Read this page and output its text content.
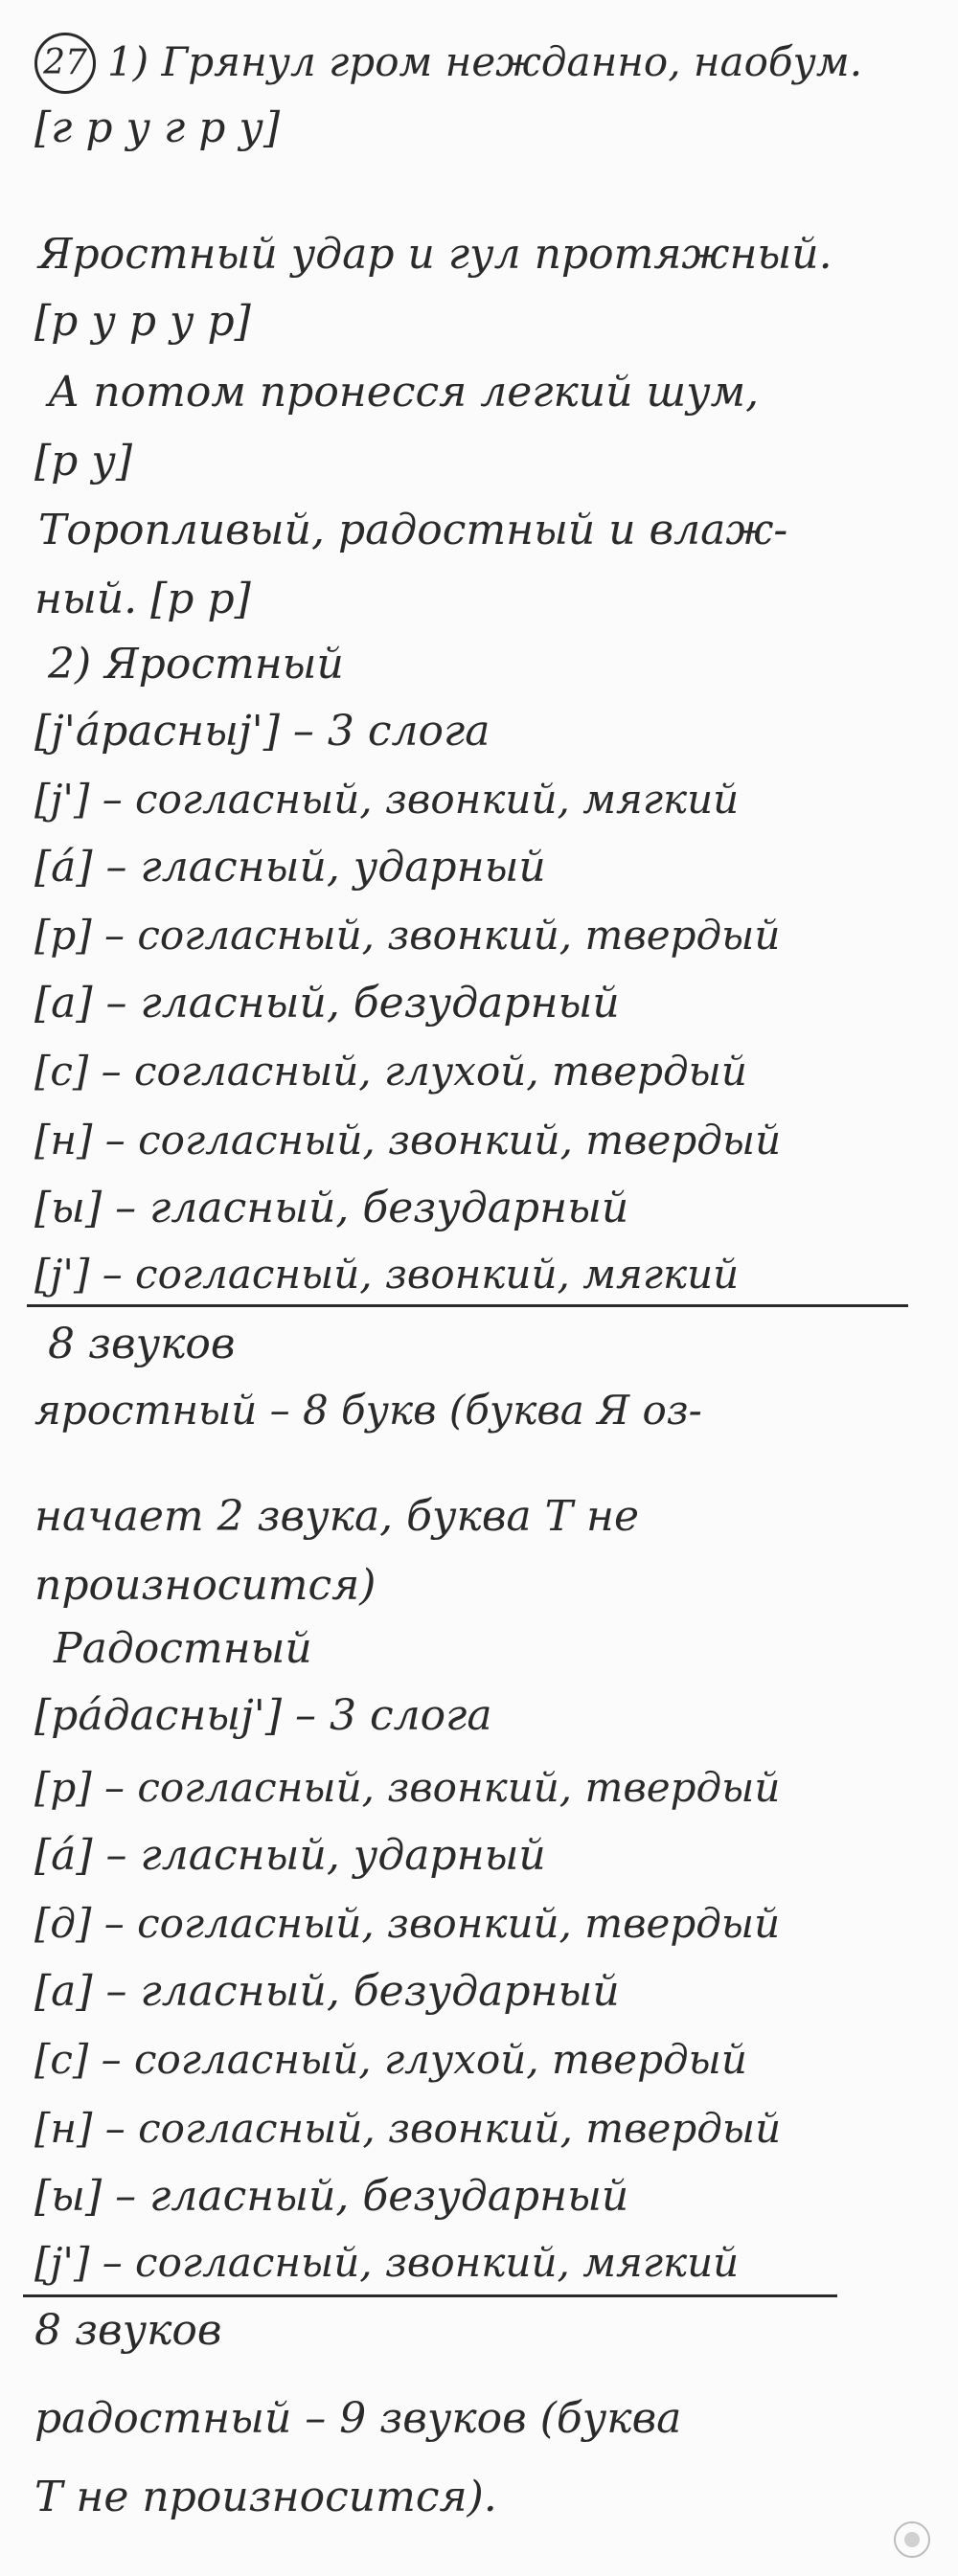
27 1) Грянул гром нежданно, наобум.
[г р у г р у]
Яростный удар и гул протяжный.
[р у р у р]
А потом пронесся легкий шум,
[р у]
Торопливый, радостный и влаж-
ный. [р р]
2) Яростный
[j'áрасныj'] – 3 слога
[j'] – согласный, звонкий, мягкий
[á] – гласный, ударный
[р] – согласный, звонкий, твердый
[а] – гласный, безударный
[с] – согласный, глухой, твердый
[н] – согласный, звонкий, твердый
[ы] – гласный, безударный
[j'] – согласный, звонкий, мягкий
8 звуков
яростный – 8 букв (буква Я оз-
начает 2 звука, буква Т не
произносится)
Радостный
[рáдасныj'] – 3 слога
[р] – согласный, звонкий, твердый
[á] – гласный, ударный
[д] – согласный, звонкий, твердый
[а] – гласный, безударный
[с] – согласный, глухой, твердый
[н] – согласный, звонкий, твердый
[ы] – гласный, безударный
[j'] – согласный, звонкий, мягкий
8 звуков
радостный – 9 звуков (буква
Т не произносится).
